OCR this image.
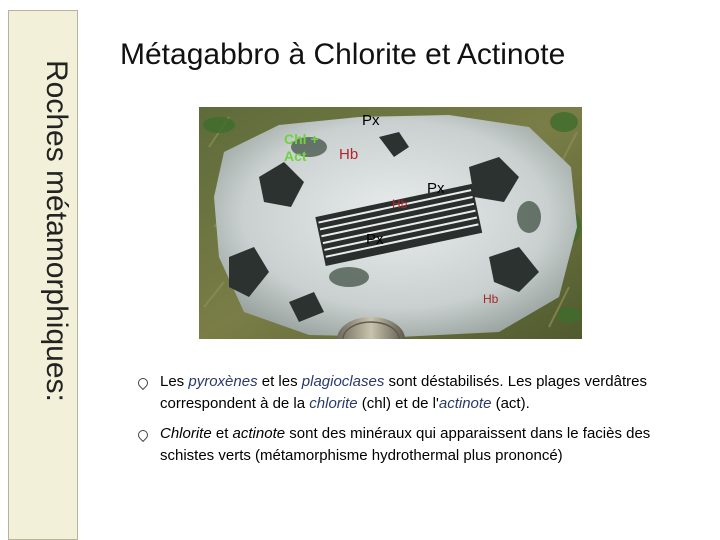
Roches métamorphiques:
Métagabbro à Chlorite et Actinote
Px
Chl +
Act	Hb
Px
Hb
Px
Hb
Les pyroxènes et les plagioclases sont déstabilisés. Les plages verdâtres correspondent à de la chlorite (chl) et de l'actinote (act).
Chlorite et actinote sont des minéraux qui apparaissent dans le faciès des schistes verts (métamorphisme hydrothermal plus prononcé)
